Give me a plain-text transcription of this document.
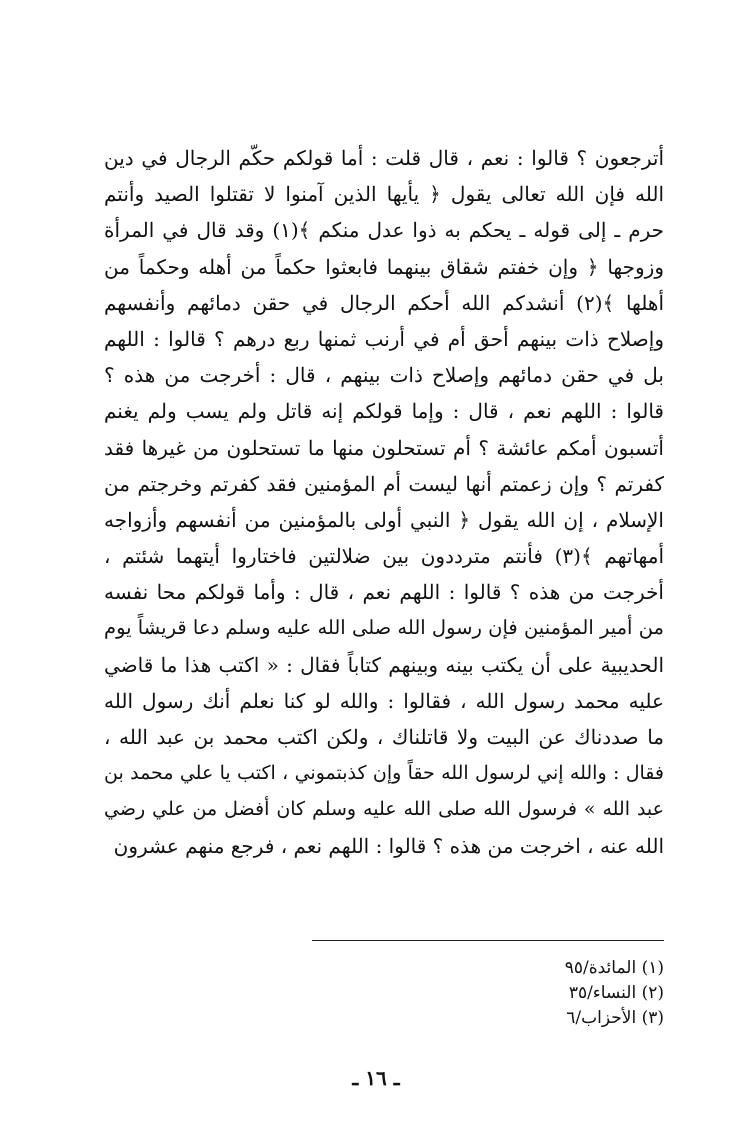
أترجعون ؟ قالوا : نعم ، قال قلت : أما قولكم حكّم الرجال في دين
الله فإن الله تعالى يقول ﴿ يأيها الذين آمنوا لا تقتلوا الصيد وأنتم
حرم ـ إلى قوله ـ يحكم به ذوا عدل منكم ﴾(١) وقد قال في المرأة
وزوجها ﴿ وإن خفتم شقاق بينهما فابعثوا حكماً من أهله وحكماً من
أهلها ﴾(٢) أنشدكم الله أحكم الرجال في حقن دمائهم وأنفسهم
وإصلاح ذات بينهم أحق أم في أرنب ثمنها ربع درهم ؟ قالوا : اللهم
بل في حقن دمائهم وإصلاح ذات بينهم ، قال : أخرجت من هذه ؟
قالوا : اللهم نعم ، قال : وإما قولكم إنه قاتل ولم يسب ولم يغنم
أتسبون أمكم عائشة ؟ أم تستحلون منها ما تستحلون من غيرها فقد
كفرتم ؟ وإن زعمتم أنها ليست أم المؤمنين فقد كفرتم وخرجتم من
الإسلام ، إن الله يقول ﴿ النبي أولى بالمؤمنين من أنفسهم وأزواجه
أمهاتهم ﴾(٣) فأنتم مترددون بين ضلالتين فاختاروا أيتهما شئتم ،
أخرجت من هذه ؟ قالوا : اللهم نعم ، قال : وأما قولكم محا نفسه
من أمير المؤمنين فإن رسول الله صلى الله عليه وسلم دعا قريشاً يوم
الحديبية على أن يكتب بينه وبينهم كتاباً فقال : « اكتب هذا ما قاضي
عليه محمد رسول الله ، فقالوا : والله لو كنا نعلم أنك رسول الله
ما صددناك عن البيت ولا قاتلناك ، ولكن اكتب محمد بن عبد الله ،
فقال : والله إني لرسول الله حقاً وإن كذبتموني ، اكتب يا علي محمد بن
عبد الله » فرسول الله صلى الله عليه وسلم كان أفضل من علي رضي
الله عنه ، اخرجت من هذه ؟ قالوا : اللهم نعم ، فرجع منهم عشرون
(١) المائدة/٩٥
(٢) النساء/٣٥
(٣) الأحزاب/٦
ـ ١٦ ـ
